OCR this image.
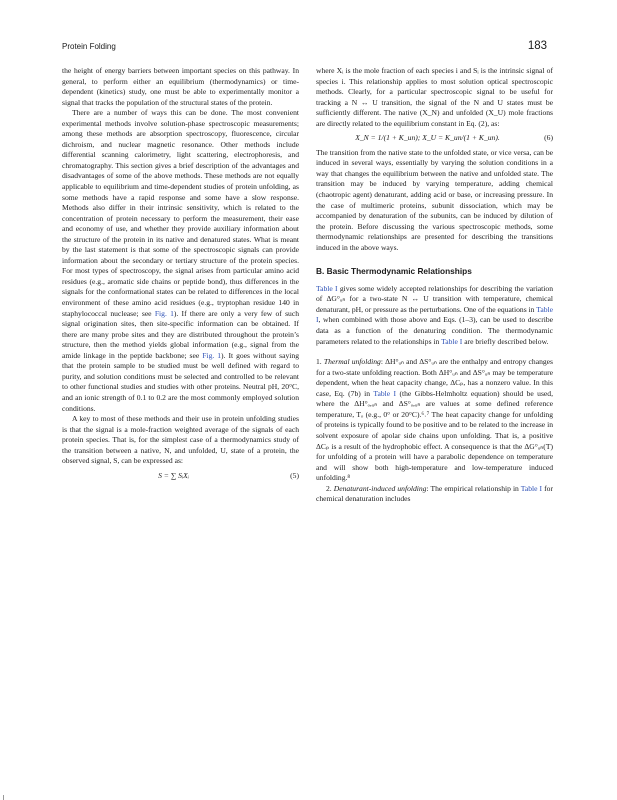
Protein Folding	183

the height of energy barriers between important species on this pathway. In general, to perform either an equilibrium (thermodynamics) or time-dependent (kinetics) study, one must be able to experimentally monitor a signal that tracks the population of the structural states of the protein.

There are a number of ways this can be done. The most convenient experimental methods involve solution-phase spectroscopic measurements; among these methods are absorption spectroscopy, fluorescence, circular dichroism, and nuclear magnetic resonance. Other methods include differential scanning calorimetry, light scattering, electrophoresis, and chromatography. This section gives a brief description of the advantages and disadvantages of some of the above methods. These methods are not equally applicable to equilibrium and time-dependent studies of protein unfolding, as some methods have a rapid response and some have a slow response. Methods also differ in their intrinsic sensitivity, which is related to the concentration of protein necessary to perform the measurement, their ease and economy of use, and whether they provide auxiliary information about the structure of the protein in its native and denatured states. What is meant by the last statement is that some of the spectroscopic signals can provide information about the secondary or tertiary structure of the protein species. For most types of spectroscopy, the signal arises from particular amino acid residues (e.g., aromatic side chains or peptide bond), thus differences in the signals for the conformational states can be related to differences in the local environment of these amino acid residues (e.g., tryptophan residue 140 in staphylococcal nuclease; see Fig. 1). If there are only a very few of such signal origination sites, then site-specific information can be obtained. If there are many probe sites and they are distributed throughout the protein’s structure, then the method yields global information (e.g., signal from the amide linkage in the peptide backbone; see Fig. 1). It goes without saying that the protein sample to be studied must be well defined with regard to purity, and solution conditions must be selected and controlled to be relevant to other functional studies and studies with other proteins. Neutral pH, 20°C, and an ionic strength of 0.1 to 0.2 are the most commonly employed solution conditions.

A key to most of these methods and their use in protein unfolding studies is that the signal is a mole-fraction weighted average of the signals of each protein species. That is, for the simplest case of a thermodynamics study of the transition between a native, N, and unfolded, U, state of a protein, the observed signal, S, can be expressed as:

S = ∑ SᵢXᵢ	(5)

where Xᵢ is the mole fraction of each species i and Sᵢ is the intrinsic signal of species i. This relationship applies to most solution optical spectroscopic methods. Clearly, for a particular spectroscopic signal to be useful for tracking a N ↔ U transition, the signal of the N and U states must be sufficiently different. The native (X_N) and unfolded (X_U) mole fractions are directly related to the equilibrium constant in Eq. (2), as:

X_N = 1/(1 + K_un); X_U = K_un/(1 + K_un).	(6)

The transition from the native state to the unfolded state, or vice versa, can be induced in several ways, essentially by varying the solution conditions in a way that changes the equilibrium between the native and unfolded state. The transition may be induced by varying temperature, adding chemical (chaotropic agent) denaturant, adding acid or base, or increasing pressure. In the case of multimeric proteins, subunit dissociation, which may be accompanied by denaturation of the subunits, can be induced by dilution of the protein. Before discussing the various spectroscopic methods, some thermodynamic relationships are presented for describing the transitions induced in the above ways.

B. Basic Thermodynamic Relationships

Table I gives some widely accepted relationships for describing the variation of ΔG°ᵤₙ for a two-state N ↔ U transition with temperature, chemical denaturant, pH, or pressure as the perturbations. One of the equations in Table I, when combined with those above and Eqs. (1–3), can be used to describe data as a function of the denaturing condition. The thermodynamic parameters related to the relationships in Table I are briefly described below.

1. Thermal unfolding: ΔH°ᵤₙ and ΔS°ᵤₙ are the enthalpy and entropy changes for a two-state unfolding reaction. Both ΔH°ᵤₙ and ΔS°ᵤₙ may be temperature dependent, when the heat capacity change, ΔCₚ, has a nonzero value. In this case, Eq. (7b) in Table I (the Gibbs-Helmholtz equation) should be used, where the ΔH°ₒ,ᵤₙ and ΔS°ₒ,ᵤₙ are values at some defined reference temperature, Tₒ (e.g., 0° or 20°C).⁶˒⁷ The heat capacity change for unfolding of proteins is typically found to be positive and to be related to the increase in solvent exposure of apolar side chains upon unfolding. That is, a positive ΔCₚ is a result of the hydrophobic effect. A consequence is that the ΔG°ᵤₙ(T) for unfolding of a protein will have a parabolic dependence on temperature and will show both high-temperature and low-temperature induced unfolding.⁸

2. Denaturant-induced unfolding: The empirical relationship in Table I for chemical denaturation includes
